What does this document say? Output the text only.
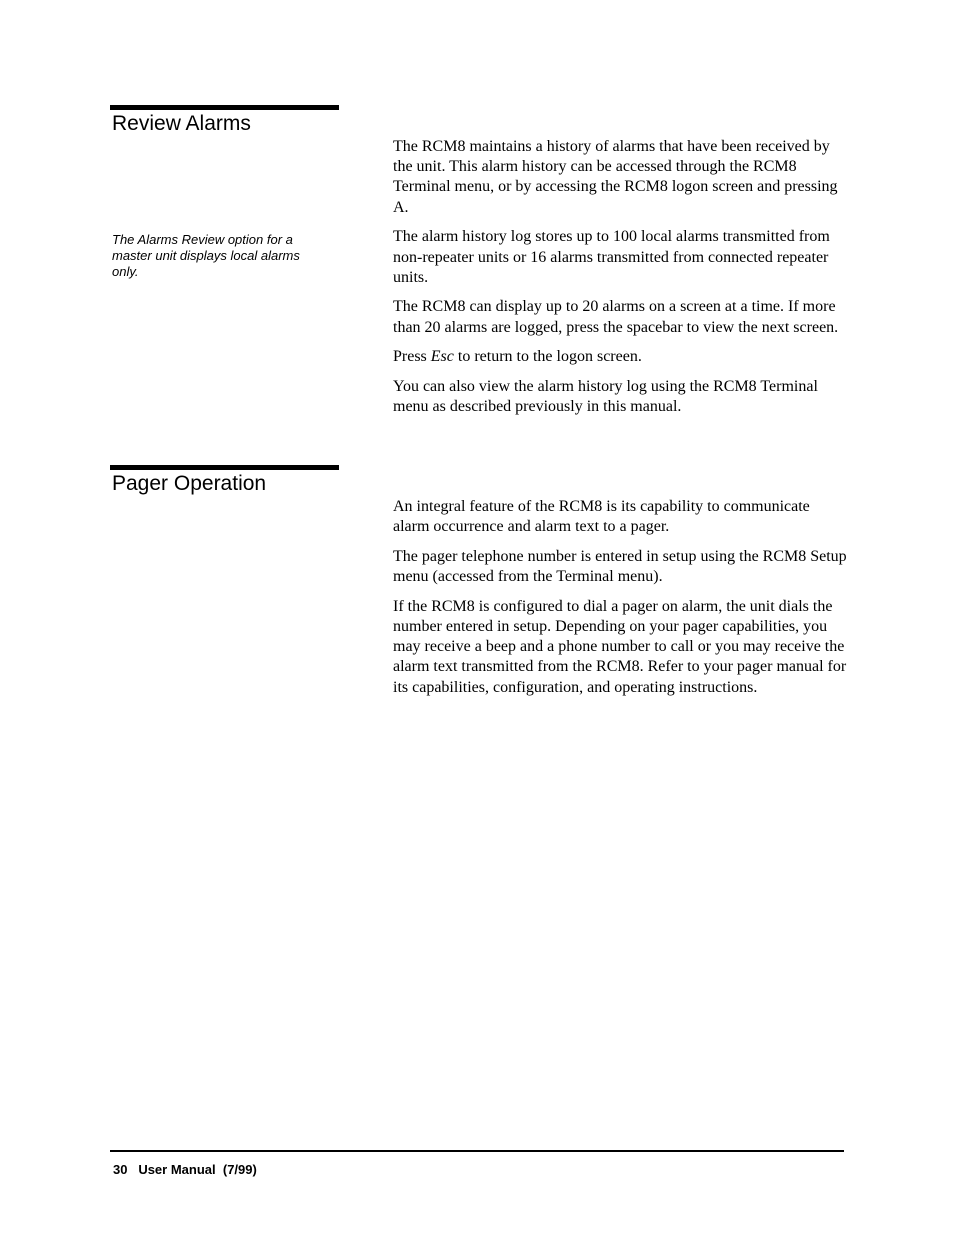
Review Alarms

The Alarms Review option for a master unit displays local alarms only.

The RCM8 maintains a history of alarms that have been received by the unit. This alarm history can be accessed through the RCM8 Terminal menu, or by accessing the RCM8 logon screen and pressing A.

The alarm history log stores up to 100 local alarms transmitted from non-repeater units or 16 alarms transmitted from connected repeater units.

The RCM8 can display up to 20 alarms on a screen at a time. If more than 20 alarms are logged, press the spacebar to view the next screen.

Press Esc to return to the logon screen.

You can also view the alarm history log using the RCM8 Terminal menu as described previously in this manual.

Pager Operation

An integral feature of the RCM8 is its capability to communicate alarm occurrence and alarm text to a pager.

The pager telephone number is entered in setup using the RCM8 Setup menu (accessed from the Terminal menu).

If the RCM8 is configured to dial a pager on alarm, the unit dials the number entered in setup. Depending on your pager capabilities, you may receive a beep and a phone number to call or you may receive the alarm text transmitted from the RCM8. Refer to your pager manual for its capabilities, configuration, and operating instructions.

30 User Manual (7/99)
